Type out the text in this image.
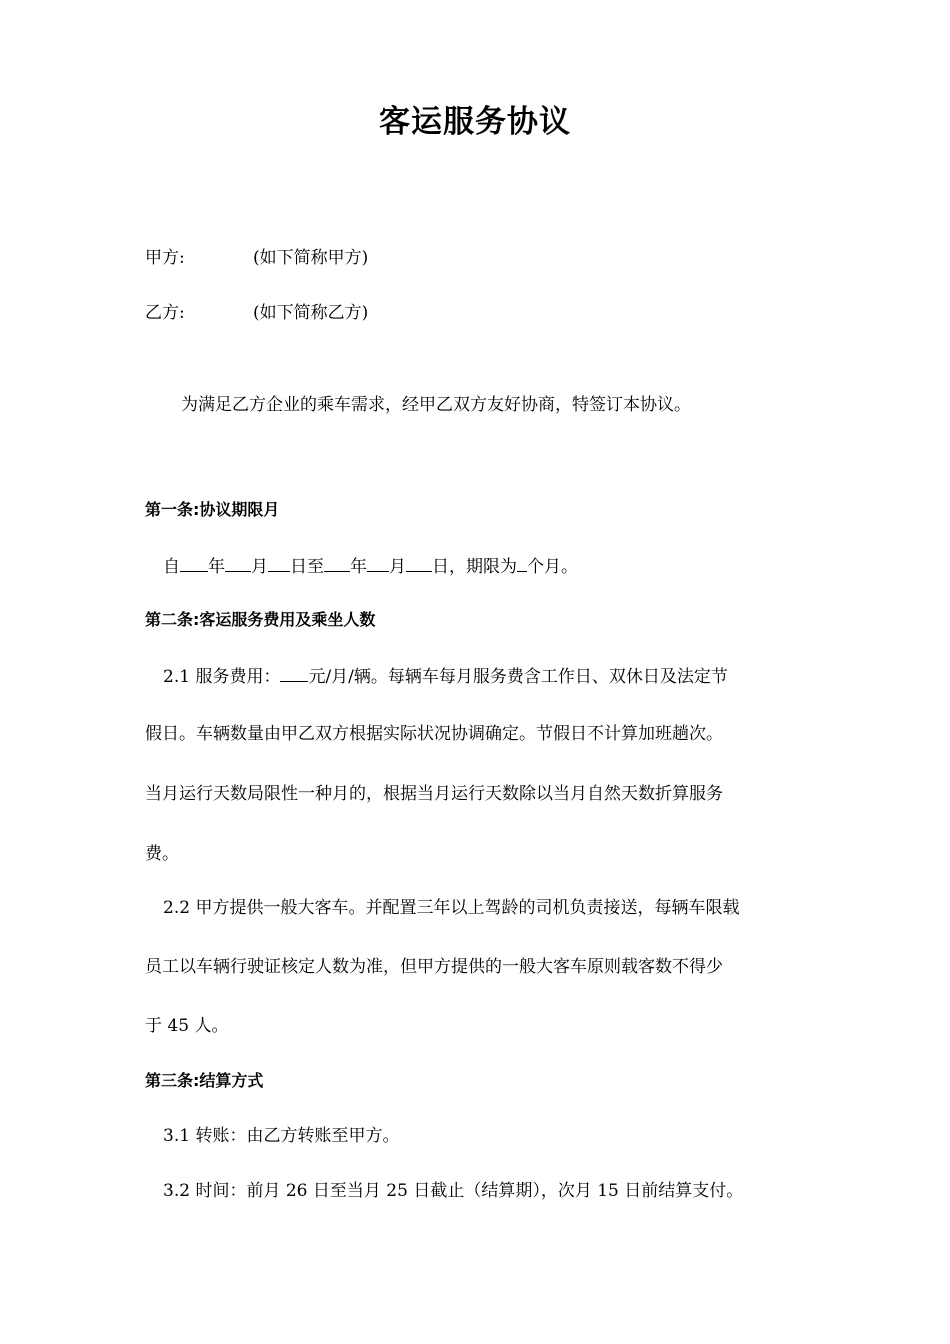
客运服务协议
甲方:	(如下简称甲方)
乙方:	(如下简称乙方)
为满足乙方企业的乘车需求，经甲乙双方友好协商，特签订本协议。
第一条:协议期限月
自 年 月 日至 年 月 日，期限为 个月。
第二条:客运服务费用及乘坐人数
2.1 服务费用： 元/月/辆。每辆车每月服务费含工作日、双休日及法定节
假日。车辆数量由甲乙双方根据实际状况协调确定。节假日不计算加班趟次。
当月运行天数局限性一种月的，根据当月运行天数除以当月自然天数折算服务
费。
2.2 甲方提供一般大客车。并配置三年以上驾龄的司机负责接送，每辆车限载
员工以车辆行驶证核定人数为准，但甲方提供的一般大客车原则载客数不得少
于 45 人。
第三条:结算方式
3.1 转账：由乙方转账至甲方。
3.2 时间：前月 26 日至当月 25 日截止（结算期），次月 15 日前结算支付。
